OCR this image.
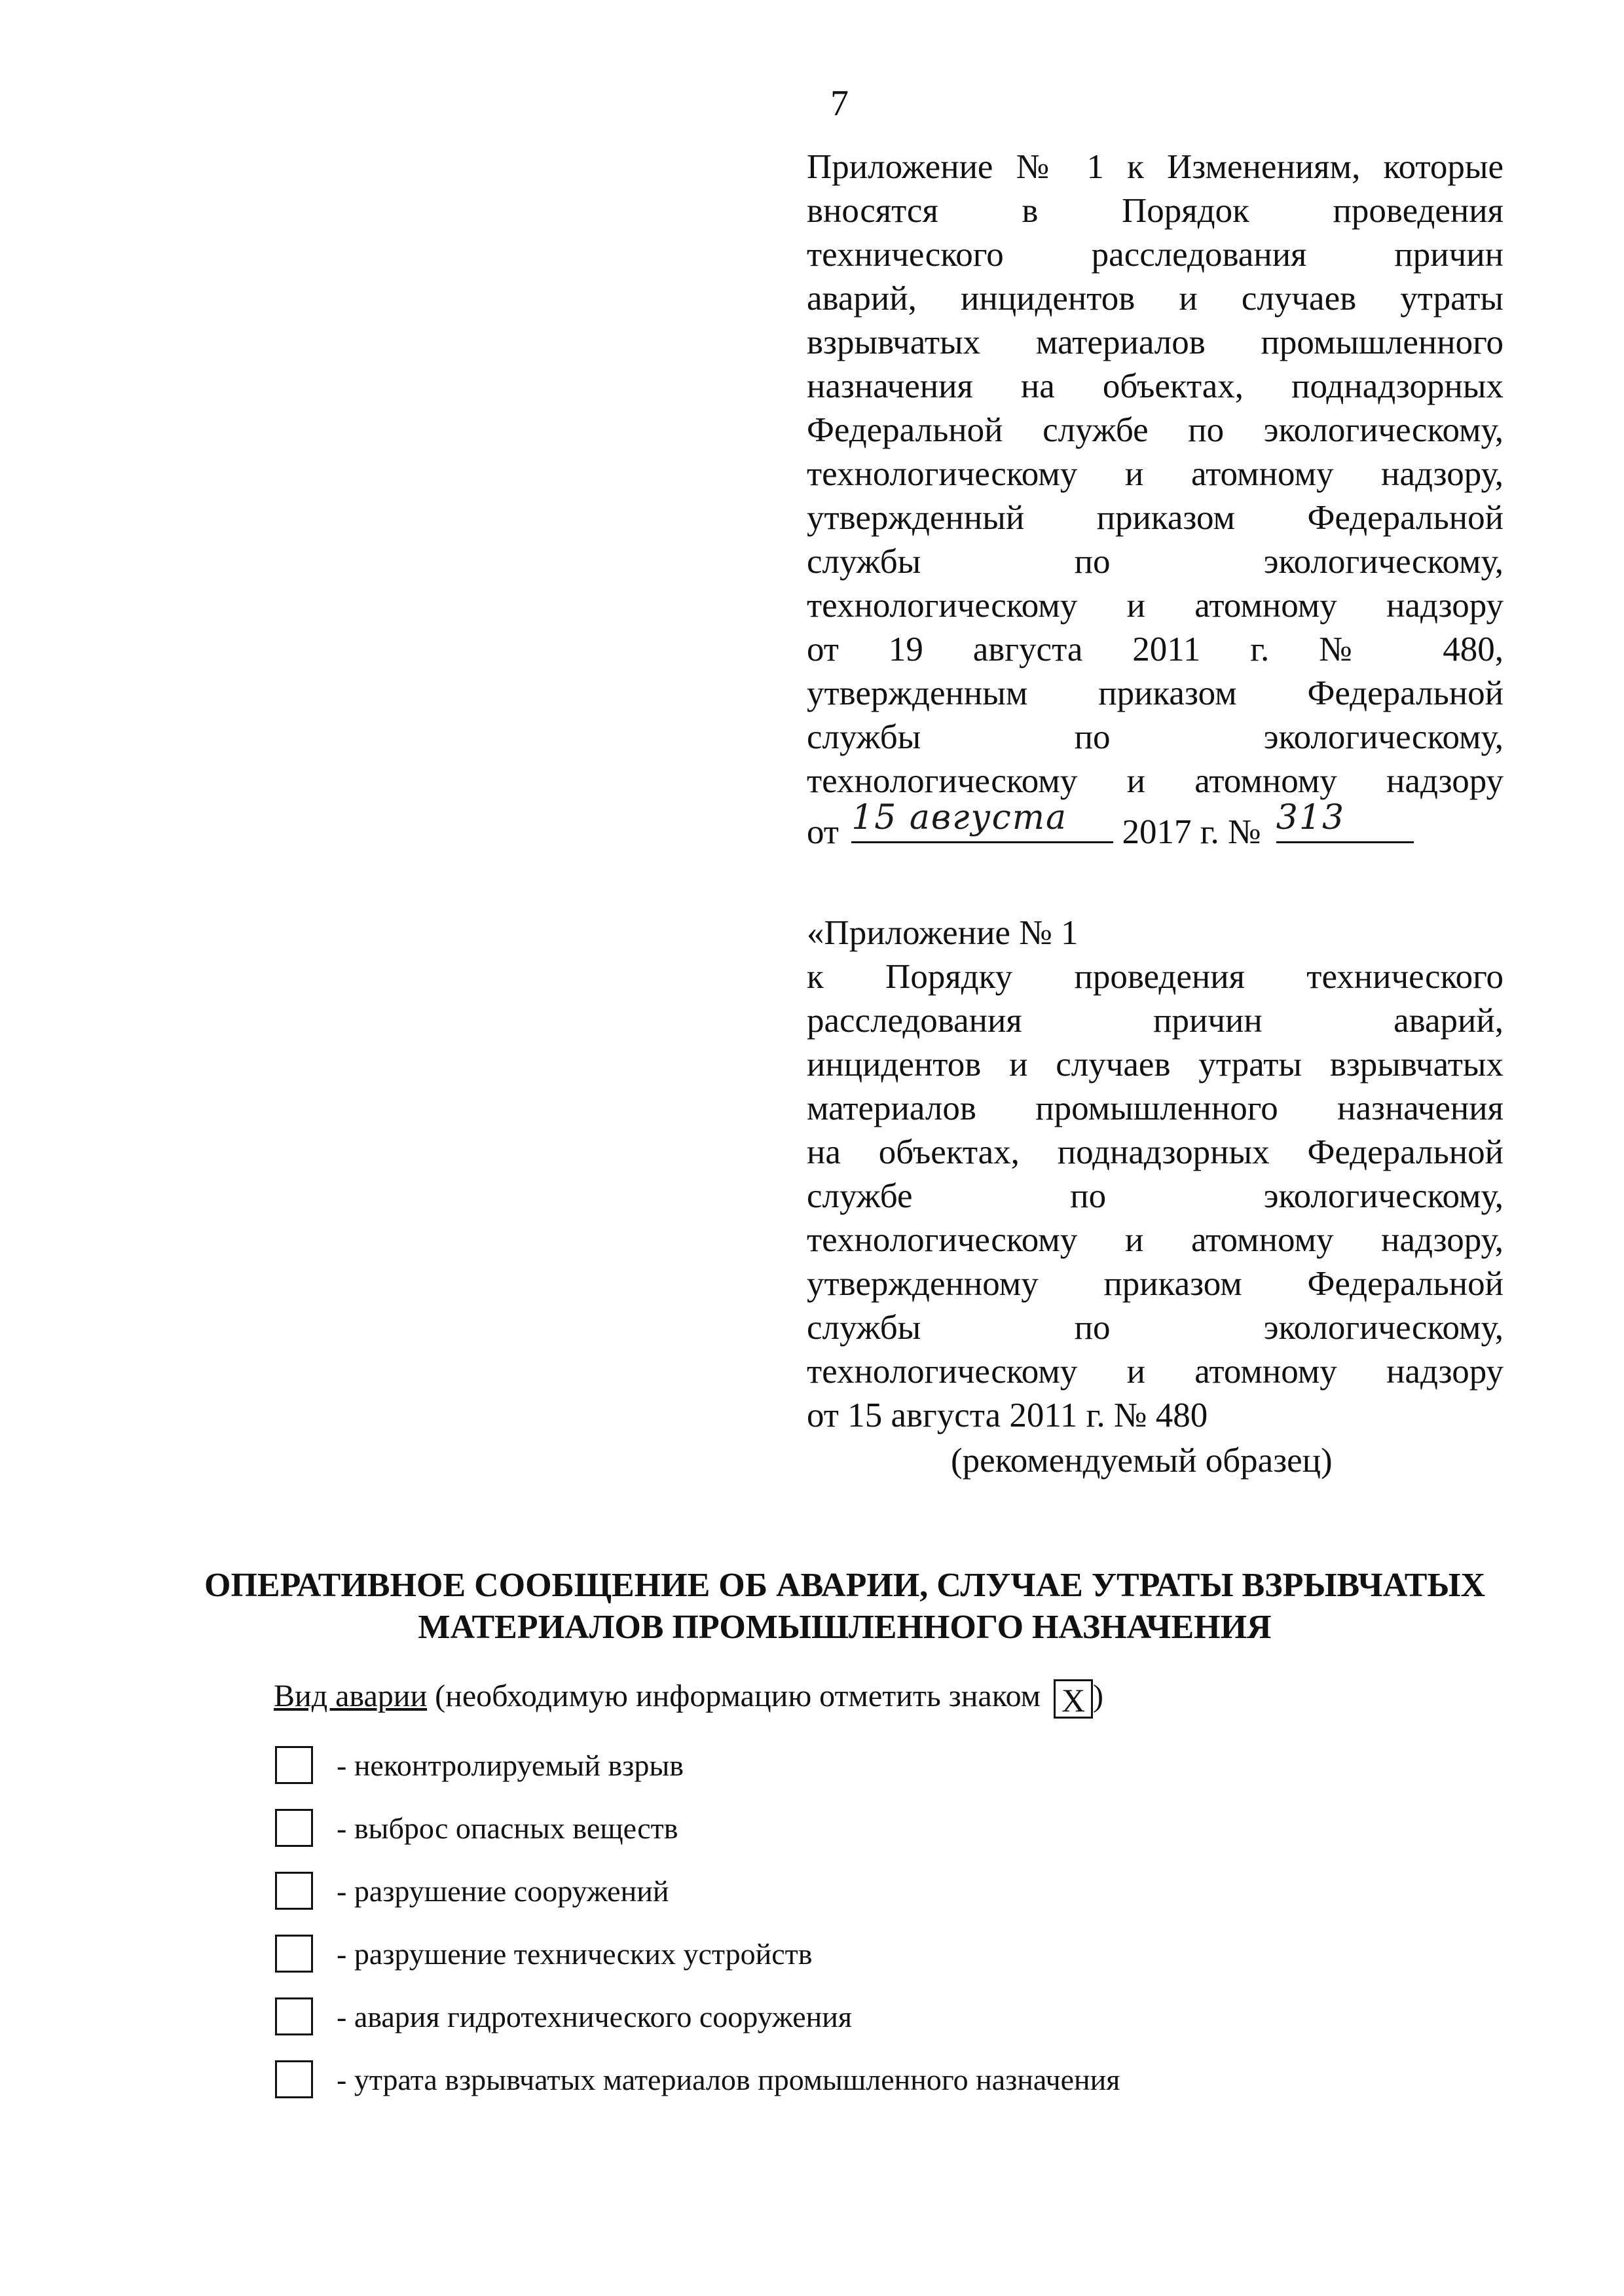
7

Приложение № 1 к Изменениям, которые

вносятся в Порядок проведения

технического расследования причин

аварий, инцидентов и случаев утраты

взрывчатых материалов промышленного

назначения на объектах, поднадзорных

Федеральной службе по экологическому,

технологическому и атомному надзору,

утвержденный приказом Федеральной

службы по экологическому,

технологическому и атомному надзору

от 19 августа 2011 г. № 480,

утвержденным приказом Федеральной

службы по экологическому,

технологическому и атомному надзору

от 15 августа	2017 г. № 313

«Приложение № 1

к Порядку проведения технического

расследования причин аварий,

инцидентов и случаев утраты взрывчатых

материалов промышленного назначения

на объектах, поднадзорных Федеральной

службе по экологическому,

технологическому и атомному надзору,

утвержденному приказом Федеральной

службы по экологическому,

технологическому и атомному надзору

от 15 августа 2011 г. № 480

(рекомендуемый образец)
ОПЕРАТИВНОЕ СООБЩЕНИЕ ОБ АВАРИИ, СЛУЧАЕ УТРАТЫ ВЗРЫВЧАТЫХ
МАТЕРИАЛОВ ПРОМЫШЛЕННОГО НАЗНАЧЕНИЯ
Вид аварии (необходимую информацию отметить знаком X )
- неконтролируемый взрыв
- выброс опасных веществ
- разрушение сооружений
- разрушение технических устройств
- авария гидротехнического сооружения
- утрата взрывчатых материалов промышленного назначения
